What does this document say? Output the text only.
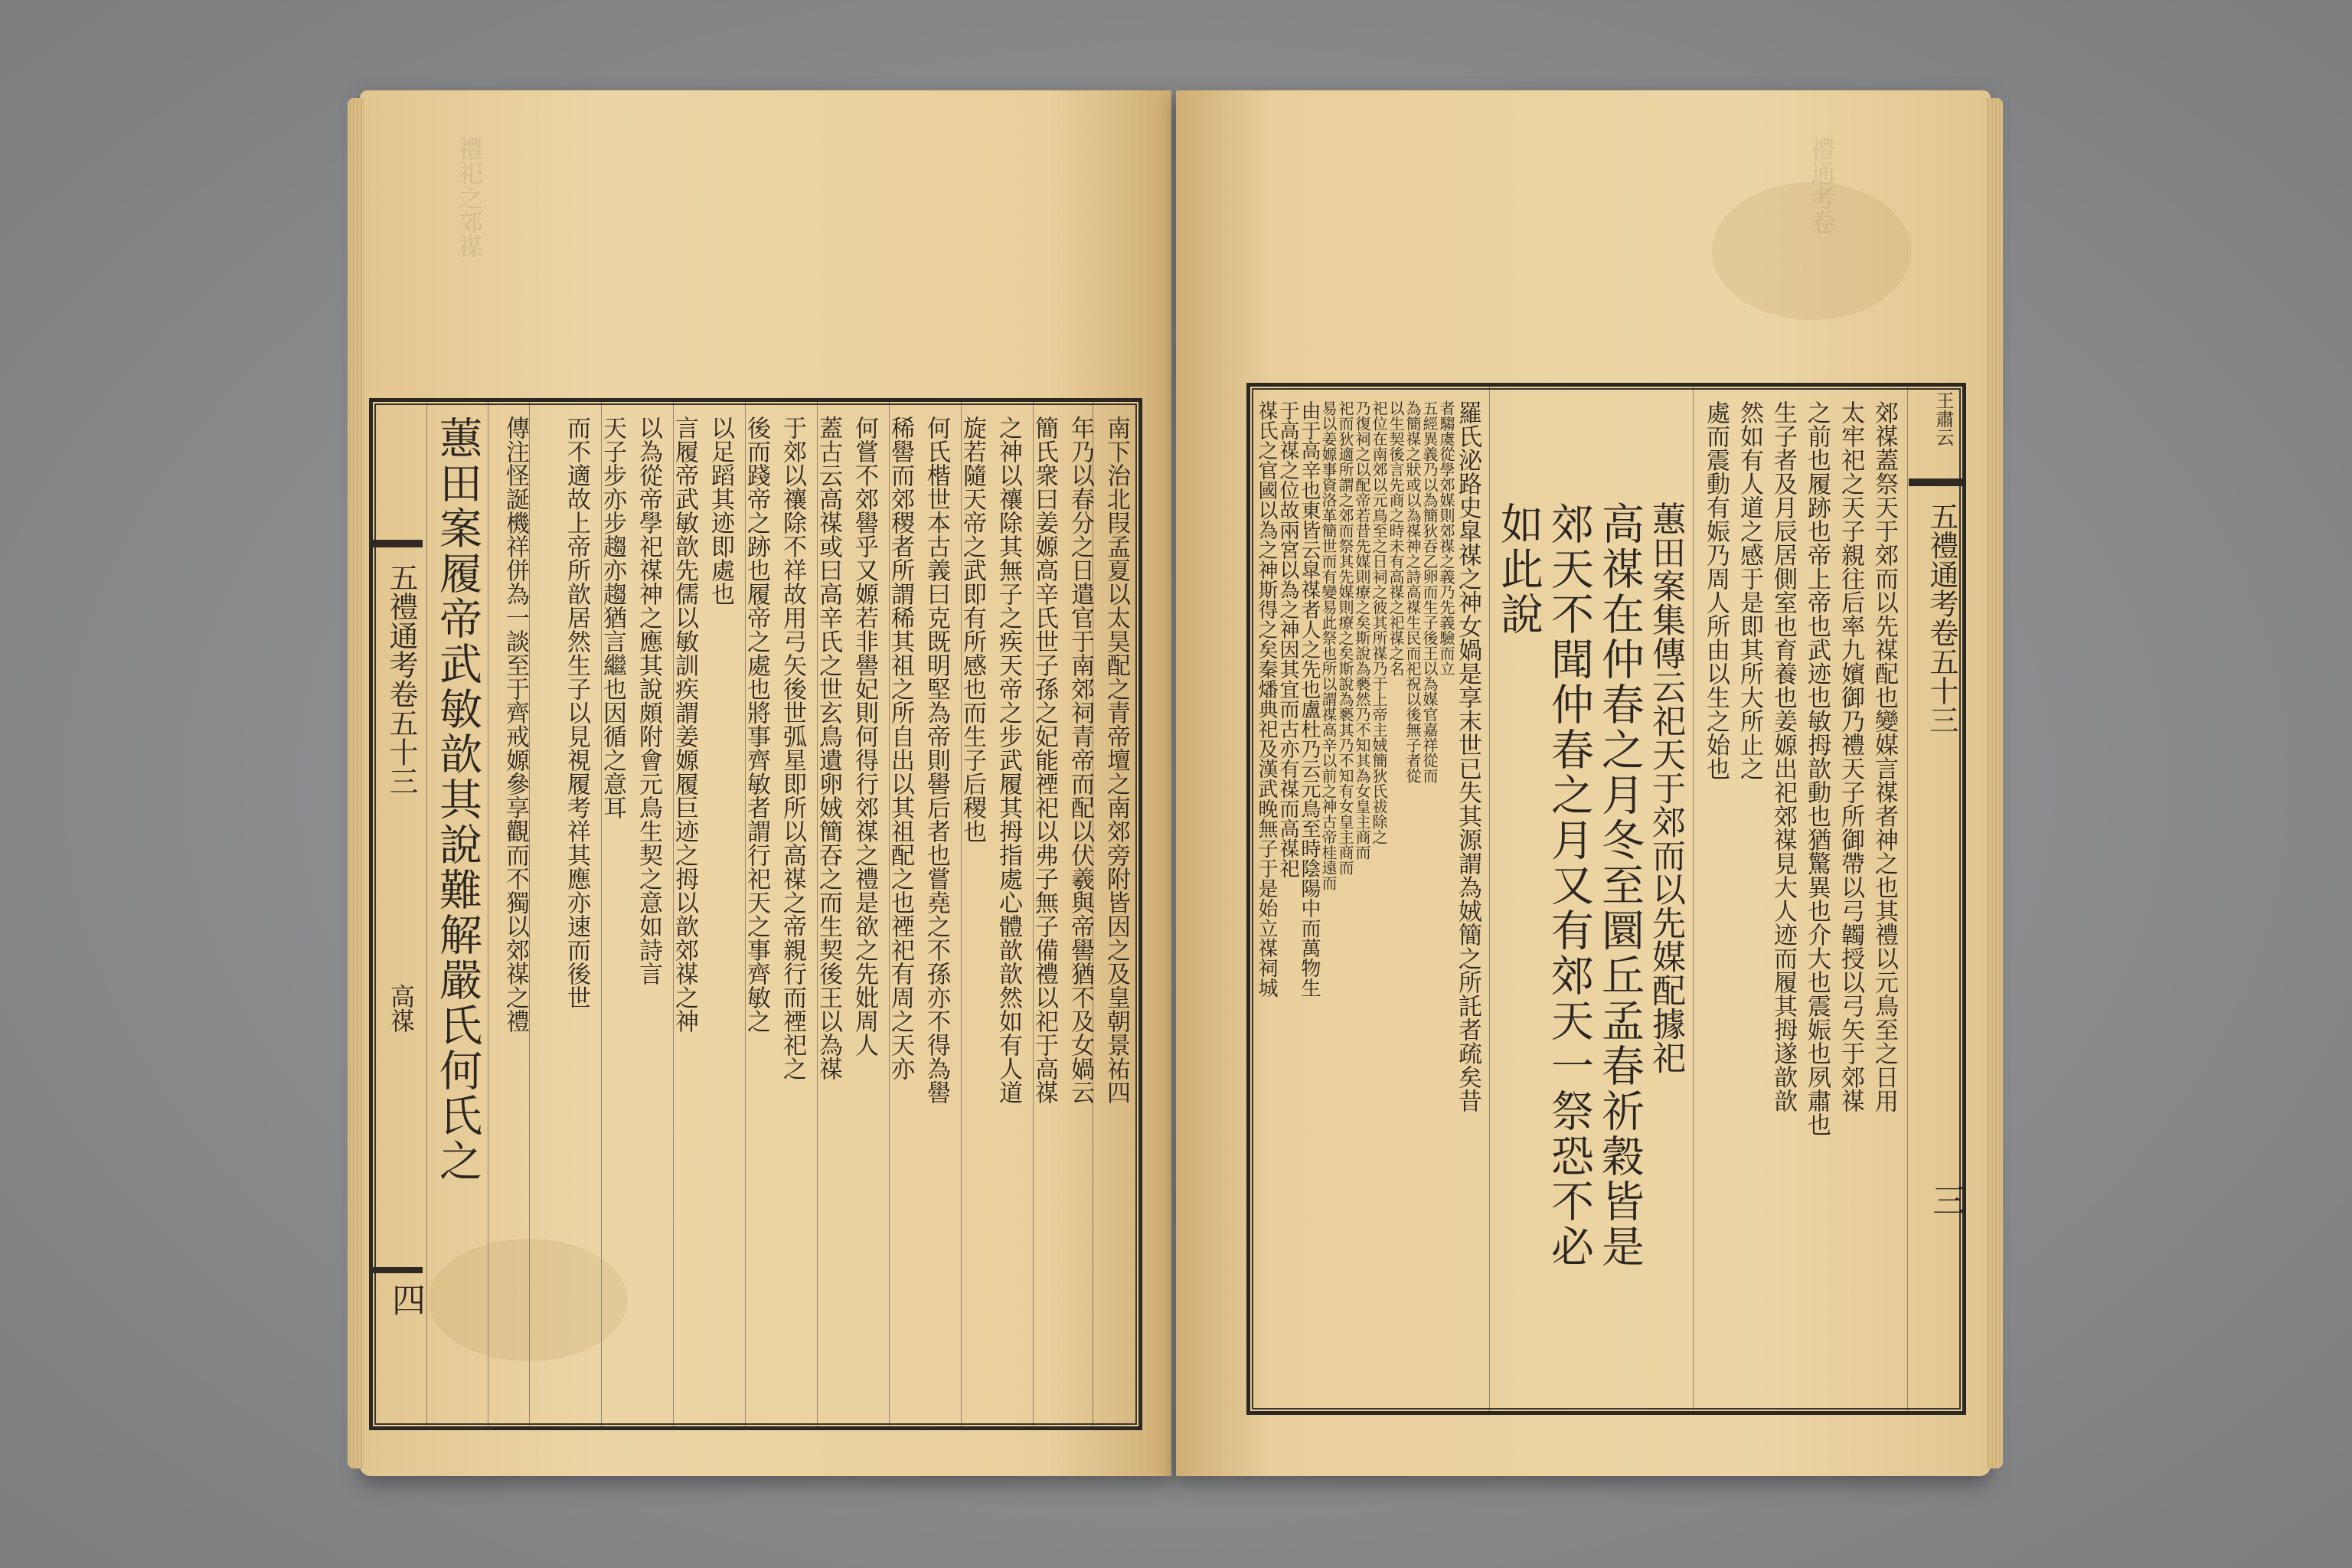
禮祀之郊禖
五禮通考卷五十三
高禖
四
蕙田案履帝武敏歆其說難解嚴氏何氏之	南下治北叚孟夏以太昊配之青帝壇之南郊旁附皆因之及皇朝景祐四
年乃以春分之日遣官于南郊祠青帝而配以伏羲與帝嚳猶不及女媧云
簡氏衆曰姜嫄高辛氏世子孫之妃能禋祀以弗子無子備禮以祀于高禖
之神以禳除其無子之疾天帝之步武履其拇指處心體歆歆然如有人道
旋若隨天帝之武即有所感也而生子后稷也
何氏楷世本古義曰克既明堅為帝則嚳后者也嘗堯之不孫亦不得為嚳
稀嚳而郊稷者所謂稀其祖之所自出以其祖配之也禋祀有周之天亦
何嘗不郊嚳乎又嫄若非嚳妃則何得行郊禖之禮是欲之先妣周人
蓋古云高禖或曰高辛氏之世玄鳥遺卵娀簡吞之而生契後王以為禖
于郊以禳除不祥故用弓矢後世弧星即所以高禖之帝親行而禋祀之
後而踐帝之跡也履帝之處也將事齊敏者謂行祀天之事齊敏之
以足蹈其迹即處也
言履帝武敏歆先儒以敏訓疾謂姜嫄履巨迹之拇以歆郊禖之神
以為從帝學祀禖神之應其說頗附會元鳥生契之意如詩言
天子步亦步趨亦趨猶言繼也因循之意耳
而不適故上帝所歆居然生子以見視履考祥其應亦速而後世
傳注怪誕機祥併為一談至于齊戒嫄參享觀而不獨以郊禖之禮
禮通考卷
王肅云
五禮通考卷五十三
三
郊禖蓋祭天于郊而以先禖配也變媒言禖者神之也其禮以元鳥至之日用
太牢祀之天子親往后率九嬪御乃禮天子所御帶以弓韣授以弓矢于郊禖
之前也履跡也帝上帝也武迹也敏拇歆動也猶驚異也介大也震娠也夙肅也
生子者及月辰居側室也育養也姜嫄出祀郊禖見大人迹而履其拇遂歆歆
然如有人道之感于是即其所大所止之
處而震動有娠乃周人所由以生之始也
蕙田案集傳云祀天于郊而以先媒配據祀
高禖在仲春之月冬至圜丘孟春祈穀皆是
郊天不聞仲春之月又有郊天一祭恐不必
如此說
羅氏泌路史皐禖之神女媧是享末世已失其源謂為娀簡之所託者疏矣昔
者騶虞從學郊媒則郊禖之義乃先義驗而立
五經異義乃以為簡狄吞乙卵而生子後王以為媒官嘉祥從而
為簡禖之狀或以為禖神之詩高禖生民而祀祝以後無子者從
以生契後言先商之時未有高禖之祀禖之名
祀位在南郊以元鳥至之日祠之彼其所禖乃于上帝主娀簡狄氏祓除之
乃復祠之以配帝若昔先媒則療之矣斯說為褻然乃不知其為女皇主商而
祀而狄適所謂之郊而祭其先媒則療之矣斯說為褻其乃不知有女皇主商而
易以姜嫄事資洛革簡世而有變易此祭也所以謂禖高辛以前之神古帝桂遠而
由于高辛也東皆云皐禖者人之先也盧杜乃云元鳥至時陰陽中而萬物生
于高禖之位故兩宮以為之神因其宜而古亦有禖而高禖祀
禖氏之官國以為之神斯得之矣秦燔典祀及漢武晚無子于是始立禖祠城
